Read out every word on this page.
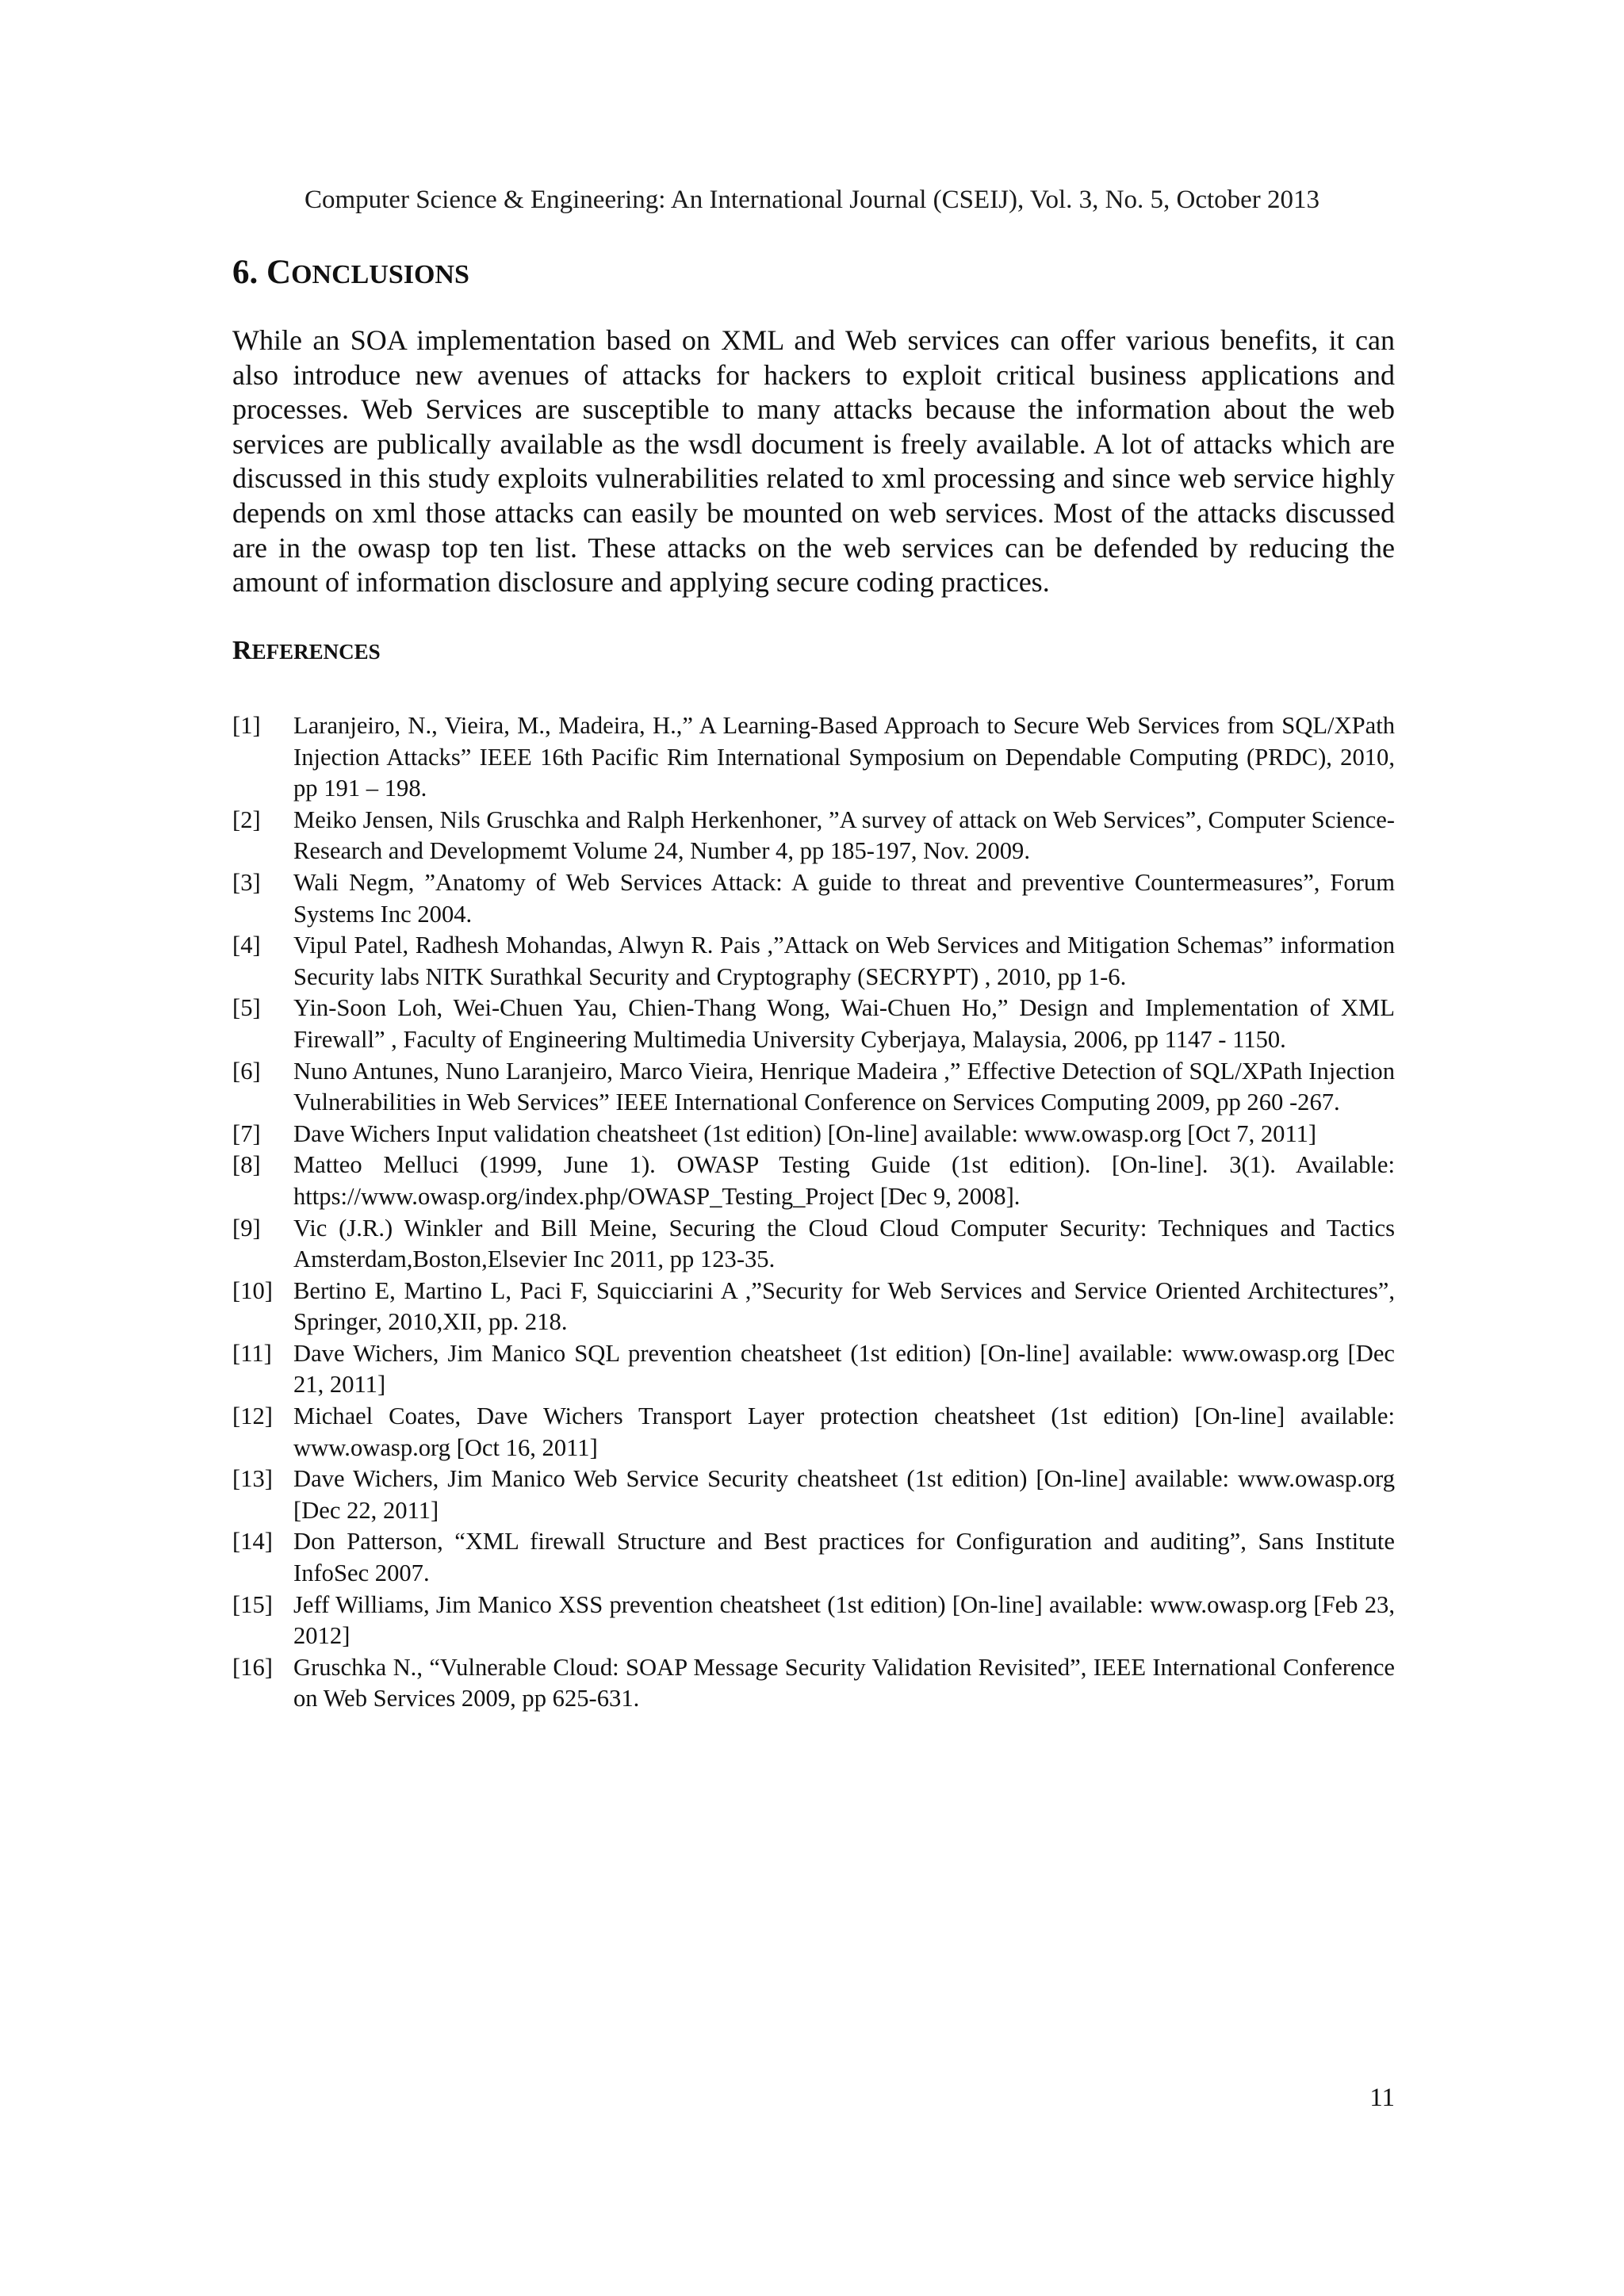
Computer Science & Engineering: An International Journal (CSEIJ), Vol. 3, No. 5, October 2013
6. CONCLUSIONS

While an SOA implementation based on XML and Web services can offer various benefits, it can also introduce new avenues of attacks for hackers to exploit critical business applications and processes. Web Services are susceptible to many attacks because the information about the web services are publically available as the wsdl document is freely available. A lot of attacks which are discussed in this study exploits vulnerabilities related to xml processing and since web service highly depends on xml those attacks can easily be mounted on web services. Most of the attacks discussed are in the owasp top ten list. These attacks on the web services can be defended by reducing the amount of information disclosure and applying secure coding practices.

REFERENCES
[1]	Laranjeiro, N., Vieira, M., Madeira, H.,” A Learning-Based Approach to Secure Web Services from SQL/XPath Injection Attacks” IEEE 16th Pacific Rim International Symposium on Dependable Computing (PRDC), 2010, pp 191 – 198.
[2]	Meiko Jensen, Nils Gruschka and Ralph Herkenhoner, ”A survey of attack on Web Services”, Computer Science- Research and Developmemt Volume 24, Number 4, pp 185-197, Nov. 2009.
[3]	Wali Negm, ”Anatomy of Web Services Attack: A guide to threat and preventive Countermeasures”, Forum Systems Inc 2004.
[4]	Vipul Patel, Radhesh Mohandas, Alwyn R. Pais ,”Attack on Web Services and Mitigation Schemas” information Security labs NITK Surathkal Security and Cryptography (SECRYPT) , 2010, pp 1-6.
[5]	Yin-Soon Loh, Wei-Chuen Yau, Chien-Thang Wong, Wai-Chuen Ho,” Design and Implementation of XML Firewall” , Faculty of Engineering Multimedia University Cyberjaya, Malaysia, 2006, pp 1147 - 1150.
[6]	Nuno Antunes, Nuno Laranjeiro, Marco Vieira, Henrique Madeira ,” Effective Detection of SQL/XPath Injection Vulnerabilities in Web Services” IEEE International Conference on Services Computing 2009, pp 260 -267.
[7]	Dave Wichers Input validation cheatsheet (1st edition) [On-line] available: www.owasp.org [Oct 7, 2011]
[8]	Matteo Melluci (1999, June 1). OWASP Testing Guide (1st edition). [On-line]. 3(1). Available: https://www.owasp.org/index.php/OWASP_Testing_Project [Dec 9, 2008].
[9]	Vic (J.R.) Winkler and Bill Meine, Securing the Cloud Cloud Computer Security: Techniques and Tactics Amsterdam,Boston,Elsevier Inc 2011, pp 123-35.
[10] Bertino E, Martino L, Paci F, Squicciarini A ,”Security for Web Services and Service Oriented Architectures”, Springer, 2010,XII, pp. 218.
[11] Dave Wichers, Jim Manico SQL prevention cheatsheet (1st edition) [On-line] available: www.owasp.org [Dec 21, 2011]
[12] Michael Coates, Dave Wichers Transport Layer protection cheatsheet (1st edition) [On-line] available: www.owasp.org [Oct 16, 2011]
[13] Dave Wichers, Jim Manico Web Service Security cheatsheet (1st edition) [On-line] available: www.owasp.org [Dec 22, 2011]
[14] Don Patterson, “XML firewall Structure and Best practices for Configuration and auditing”, Sans Institute InfoSec 2007.
[15] Jeff Williams, Jim Manico XSS prevention cheatsheet (1st edition) [On-line] available: www.owasp.org [Feb 23, 2012]
[16] Gruschka N., “Vulnerable Cloud: SOAP Message Security Validation Revisited”, IEEE International Conference on Web Services 2009, pp 625-631.
11
